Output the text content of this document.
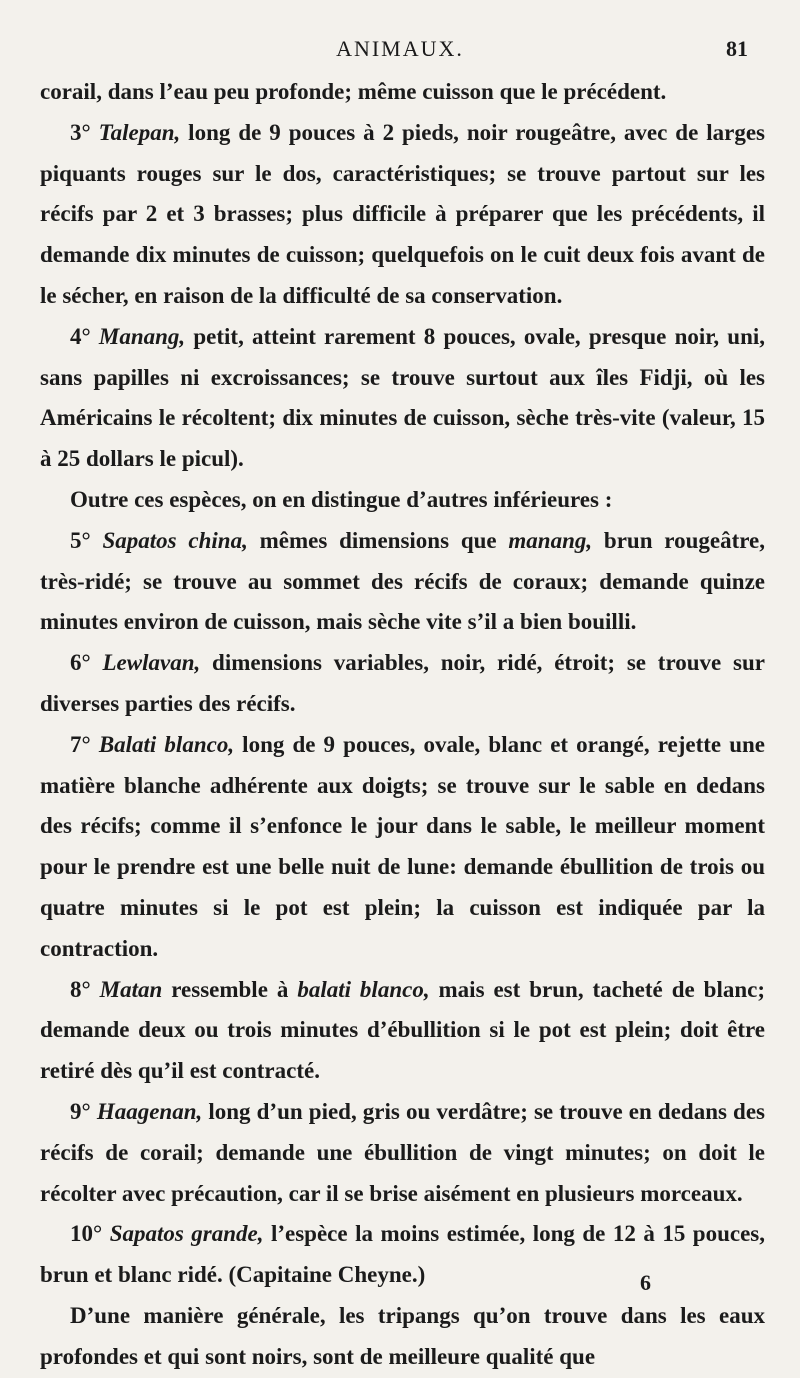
ANIMAUX.	81

corail, dans l’eau peu profonde; même cuisson que le précédent.

3° Talepan, long de 9 pouces à 2 pieds, noir rougeâtre, avec de larges piquants rouges sur le dos, caractéristiques; se trouve partout sur les récifs par 2 et 3 brasses; plus difficile à préparer que les précédents, il demande dix minutes de cuisson; quelquefois on le cuit deux fois avant de le sécher, en raison de la difficulté de sa conservation.

4° Manang, petit, atteint rarement 8 pouces, ovale, presque noir, uni, sans papilles ni excroissances; se trouve surtout aux îles Fidji, où les Américains le récoltent; dix minutes de cuisson, sèche très-vite (valeur, 15 à 25 dollars le picul).

Outre ces espèces, on en distingue d’autres inférieures :

5° Sapatos china, mêmes dimensions que manang, brun rougeâtre, très-ridé; se trouve au sommet des récifs de coraux; demande quinze minutes environ de cuisson, mais sèche vite s’il a bien bouilli.

6° Lewlavan, dimensions variables, noir, ridé, étroit; se trouve sur diverses parties des récifs.

7° Balati blanco, long de 9 pouces, ovale, blanc et orangé, rejette une matière blanche adhérente aux doigts; se trouve sur le sable en dedans des récifs; comme il s’enfonce le jour dans le sable, le meilleur moment pour le prendre est une belle nuit de lune: demande ébullition de trois ou quatre minutes si le pot est plein; la cuisson est indiquée par la contraction.

8° Matan ressemble à balati blanco, mais est brun, tacheté de blanc; demande deux ou trois minutes d’ébullition si le pot est plein; doit être retiré dès qu’il est contracté.

9° Haagenan, long d’un pied, gris ou verdâtre; se trouve en dedans des récifs de corail; demande une ébullition de vingt minutes; on doit le récolter avec précaution, car il se brise aisément en plusieurs morceaux.

10° Sapatos grande, l’espèce la moins estimée, long de 12 à 15 pouces, brun et blanc ridé. (Capitaine Cheyne.)

D’une manière générale, les tripangs qu’on trouve dans les eaux profondes et qui sont noirs, sont de meilleure qualité que

6
